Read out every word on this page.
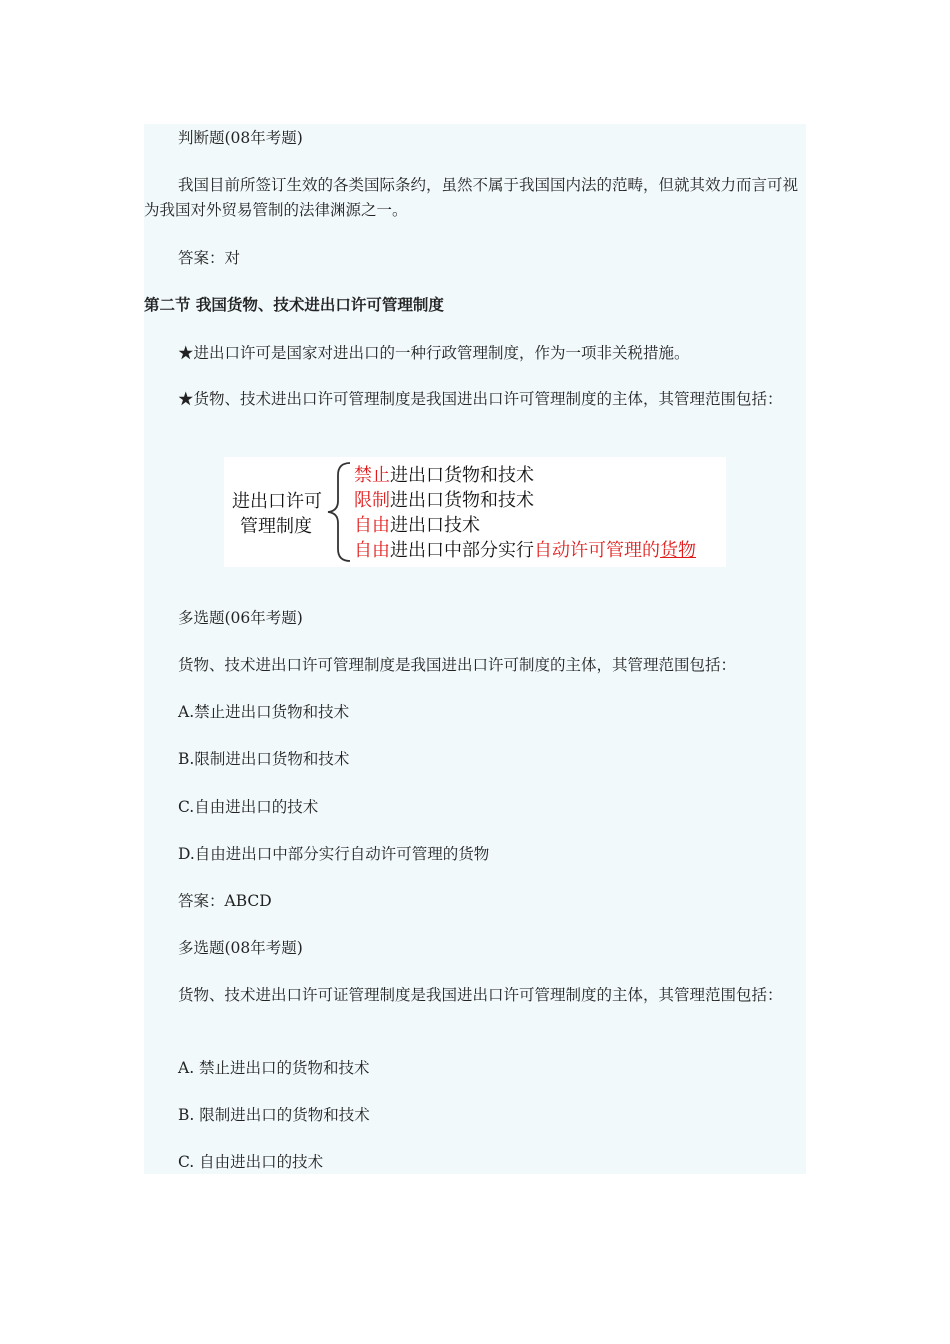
判断题(08年考题)
我国目前所签订生效的各类国际条约，虽然不属于我国国内法的范畴，但就其效力而言可视为我国对外贸易管制的法律渊源之一。
答案：对
第二节 我国货物、技术进出口许可管理制度
★进出口许可是国家对进出口的一种行政管理制度，作为一项非关税措施。
★货物、技术进出口许可管理制度是我国进出口许可管理制度的主体，其管理范围包括：
进出口许可
管理制度
禁止进出口货物和技术
限制进出口货物和技术
自由进出口技术
自由进出口中部分实行自动许可管理的货物
多选题(06年考题)
货物、技术进出口许可管理制度是我国进出口许可制度的主体，其管理范围包括：
A.禁止进出口货物和技术
B.限制进出口货物和技术
C.自由进出口的技术
D.自由进出口中部分实行自动许可管理的货物
答案：ABCD
多选题(08年考题)
货物、技术进出口许可证管理制度是我国进出口许可管理制度的主体，其管理范围包括：
A. 禁止进出口的货物和技术
B. 限制进出口的货物和技术
C. 自由进出口的技术
